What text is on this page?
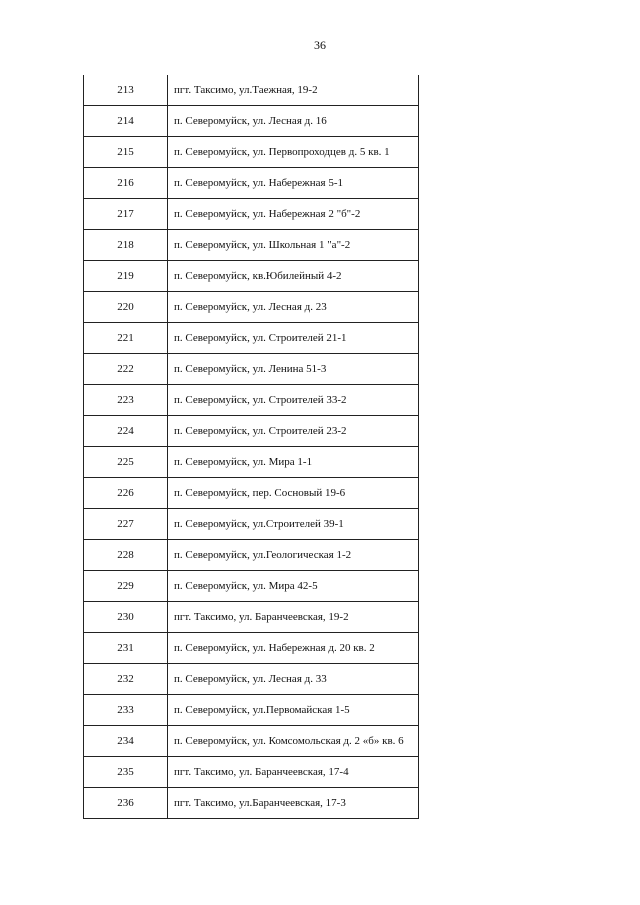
36
213	пгт. Таксимо, ул.Таежная, 19-2
214	п. Северомуйск, ул. Лесная д. 16
215	п. Северомуйск, ул. Первопроходцев д. 5 кв. 1
216	п. Северомуйск, ул. Набережная 5-1
217	п. Северомуйск, ул. Набережная 2 "б"-2
218	п. Северомуйск, ул. Школьная 1 "а"-2
219	п. Северомуйск, кв.Юбилейный 4-2
220	п. Северомуйск, ул. Лесная д. 23
221	п. Северомуйск, ул. Строителей 21-1
222	п. Северомуйск, ул. Ленина 51-3
223	п. Северомуйск, ул. Строителей 33-2
224	п. Северомуйск, ул. Строителей 23-2
225	п. Северомуйск, ул. Мира 1-1
226	п. Северомуйск, пер. Сосновый 19-6
227	п. Северомуйск, ул.Строителей 39-1
228	п. Северомуйск, ул.Геологическая 1-2
229	п. Северомуйск, ул. Мира 42-5
230	пгт. Таксимо, ул. Баранчеевская, 19-2
231	п. Северомуйск, ул. Набережная д. 20 кв. 2
232	п. Северомуйск, ул. Лесная д. 33
233	п. Северомуйск, ул.Первомайская 1-5
234	п. Северомуйск, ул. Комсомольская д. 2 «б» кв. 6
235	пгт. Таксимо, ул. Баранчеевская, 17-4
236	пгт. Таксимо, ул.Баранчеевская, 17-3
